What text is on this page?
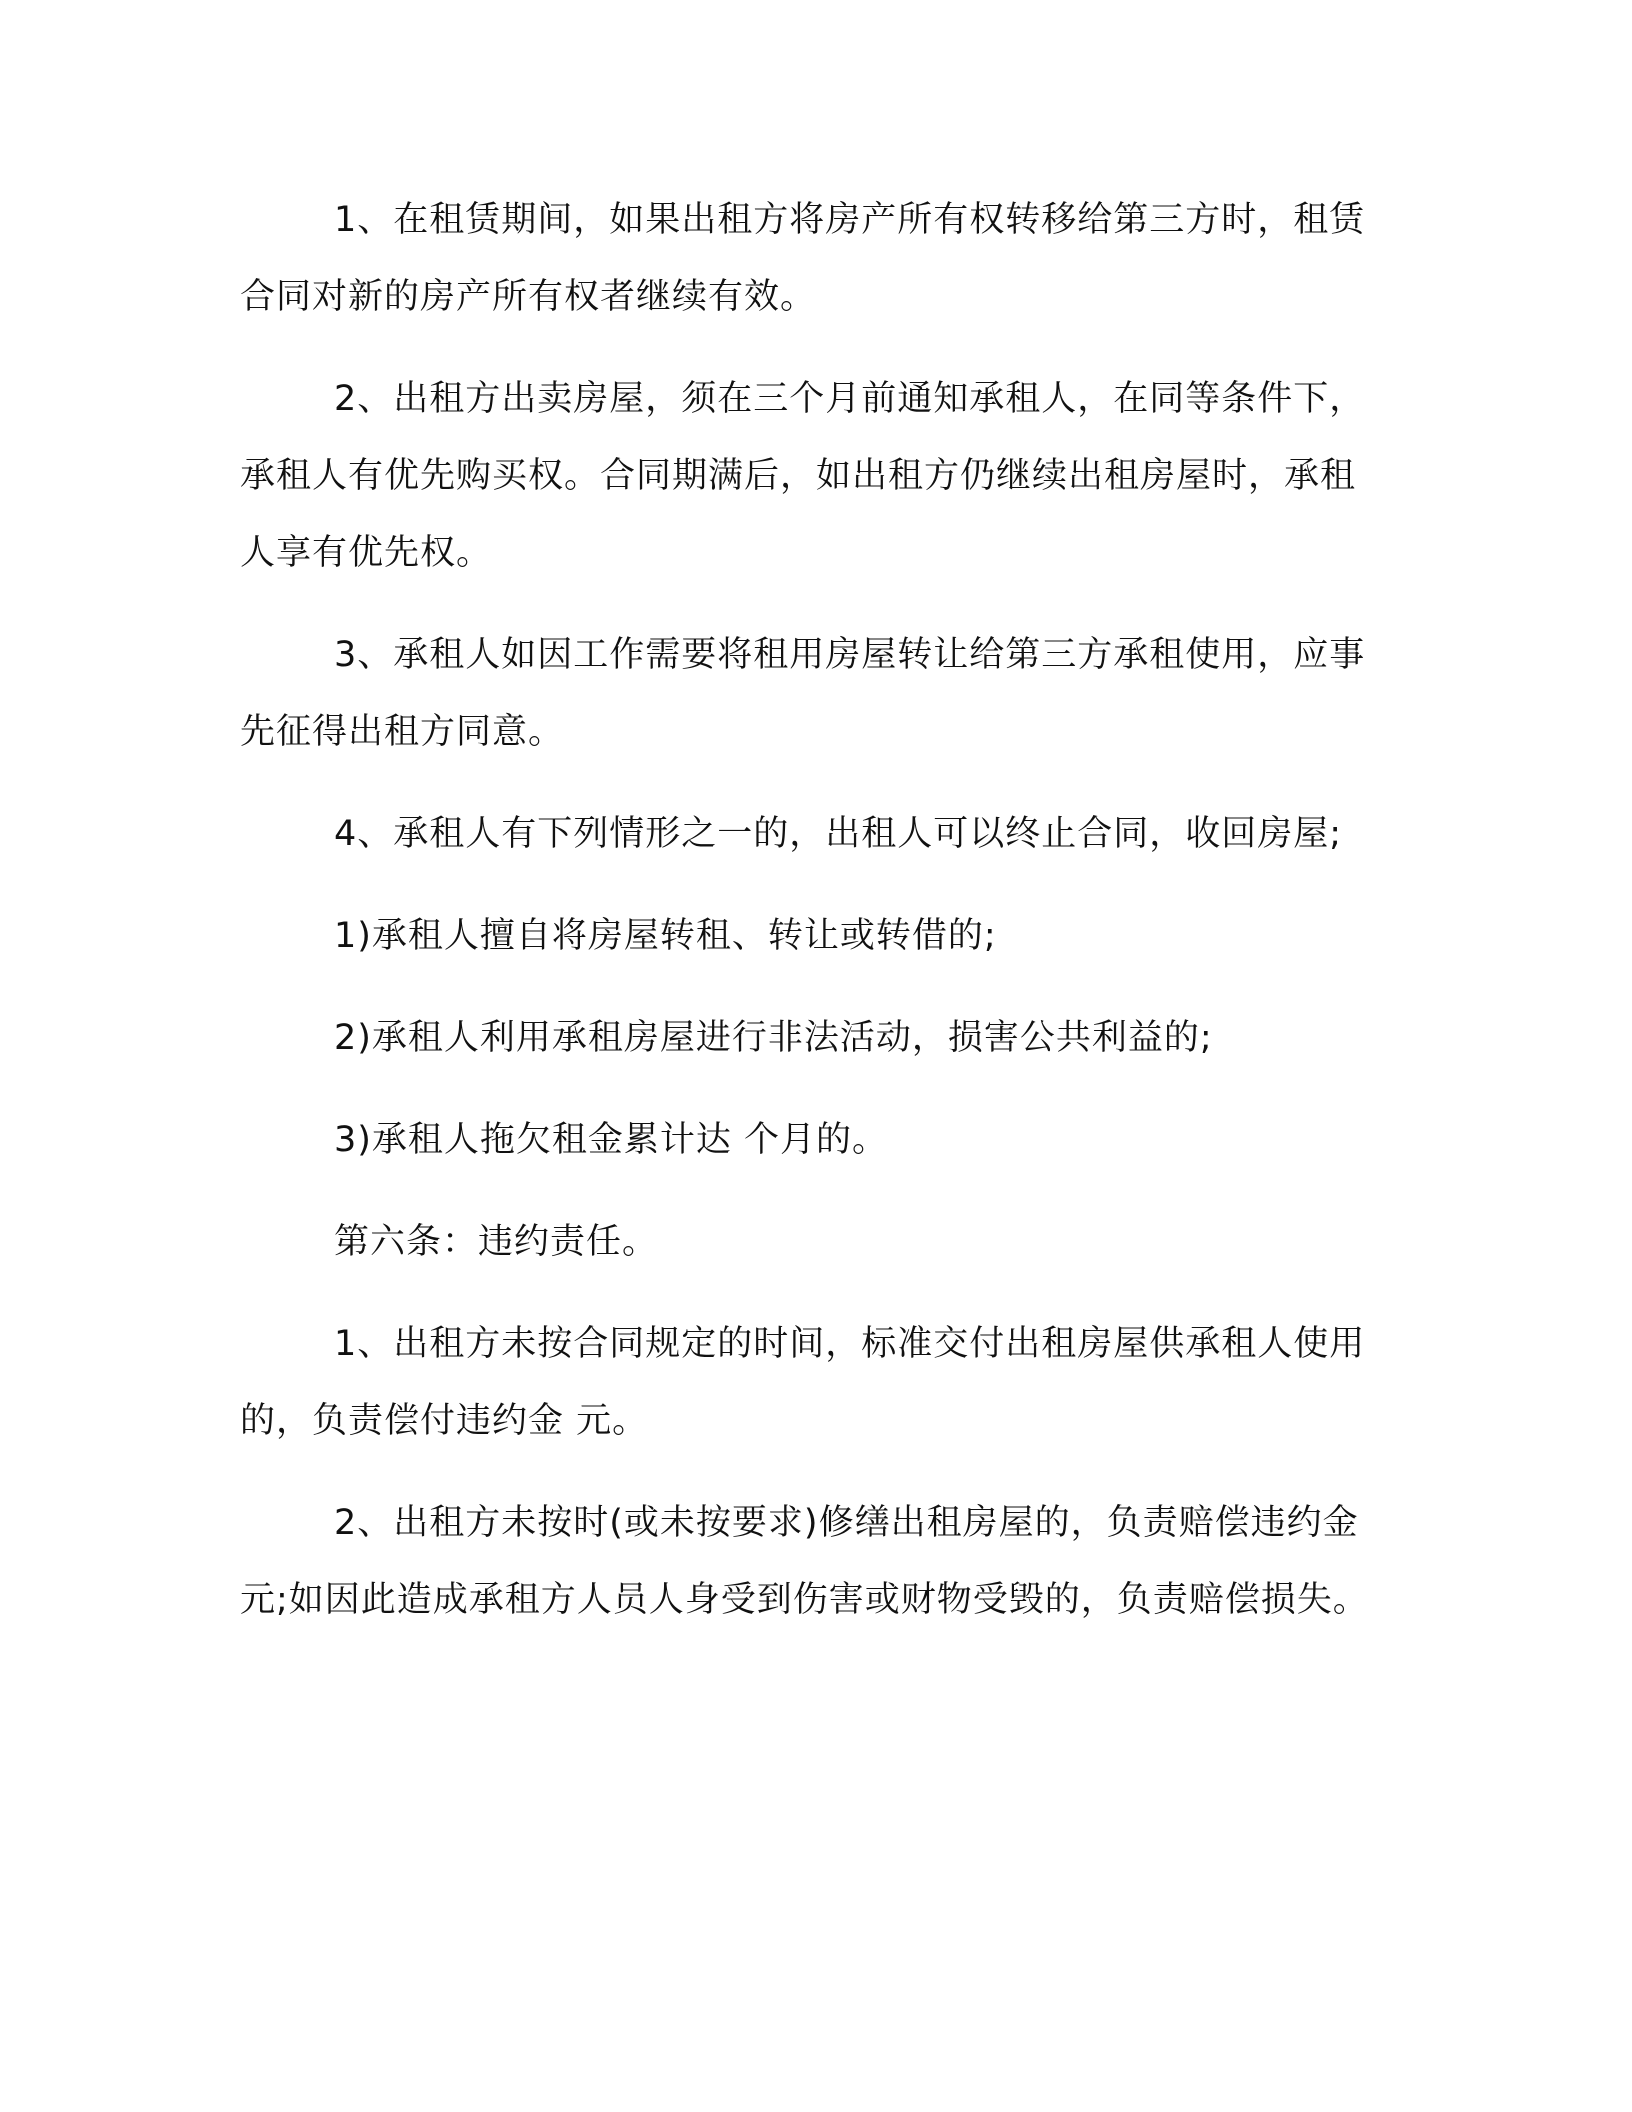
1、在租赁期间，如果出租方将房产所有权转移给第三方时，租赁合同对新的房产所有权者继续有效。

2、出租方出卖房屋，须在三个月前通知承租人，在同等条件下，承租人有优先购买权。合同期满后，如出租方仍继续出租房屋时，承租人享有优先权。

3、承租人如因工作需要将租用房屋转让给第三方承租使用，应事先征得出租方同意。

4、承租人有下列情形之一的，出租人可以终止合同，收回房屋;

1)承租人擅自将房屋转租、转让或转借的;

2)承租人利用承租房屋进行非法活动，损害公共利益的;

3)承租人拖欠租金累计达 个月的。

第六条：违约责任。

1、出租方未按合同规定的时间，标准交付出租房屋供承租人使用的，负责偿付违约金 元。

2、出租方未按时(或未按要求)修缮出租房屋的，负责赔偿违约金 元;如因此造成承租方人员人身受到伤害或财物受毁的，负责赔偿损失。
